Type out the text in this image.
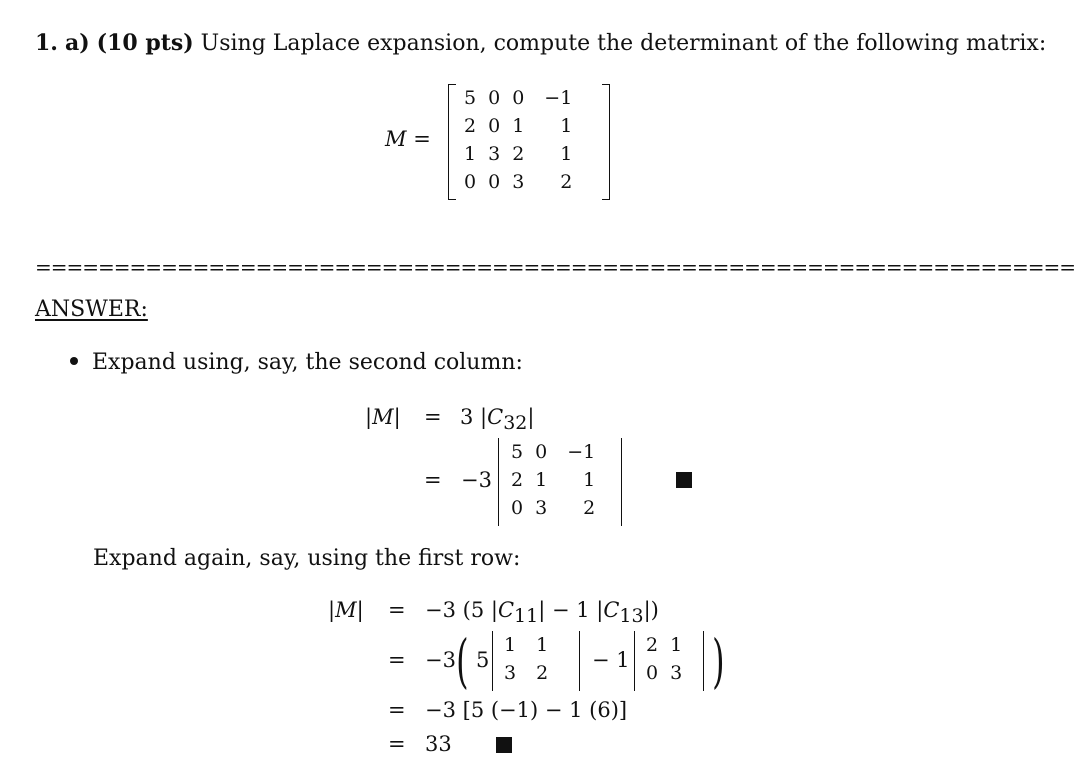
1. a) (10 pts) Using Laplace expansion, compute the determinant of the following matrix:
M =
5	0	0	−1
2	0	1	1
1	3	2	1
0	0	3	2
==================================================================
ANSWER:
Expand using, say, the second column:
|M| = 3 $|C_{32}|$
= −3
5	0	−1
2	1	1
0	3	2
Expand again, say, using the first row:
|M| = −3 (5 $|C_{11}| - 1$ $|C_{13}|$)
= −3 ( 5
1	1
3	2
− 1
2	1
0	3 )
= −3 [5 (−1) − 1 (6)]
= 33
